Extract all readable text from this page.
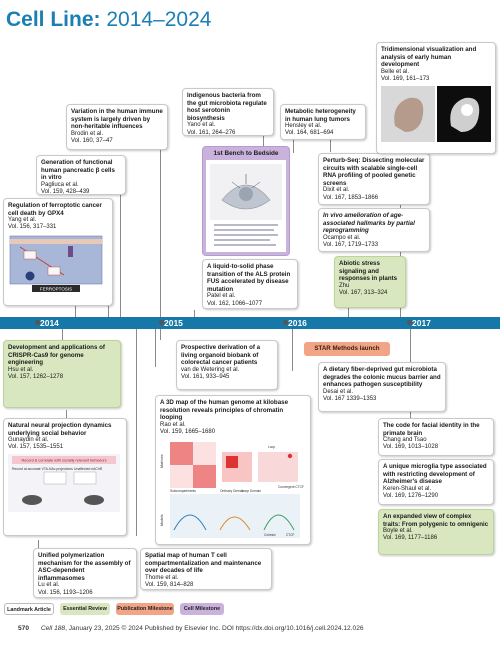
Cell Line: 2014–2024
2014	2015	2016	2017
Regulation of ferroptotic cancer cell death by GPX4
Yang et al.
Vol. 156, 317–331
FERROPTOSIS
Generation of functional human pancreatic β cells in vitro
Pagliuca et al.
Vol. 159, 428–439
Variation in the human immune system is largely driven by non-heritable influences
Brodin et al.
Vol. 160, 37–47
Indigenous bacteria from the gut microbiota regulate host serotonin biosynthesis
Yano et al.
Vol. 161, 264–276
1st Bench to Bedside
A liquid-to-solid phase transition of the ALS protein FUS accelerated by disease mutation
Patel et al.
Vol. 162, 1066–1077
Metabolic heterogeneity in human lung tumors
Hensley et al.
Vol. 164, 681–694
Perturb-Seq: Dissecting molecular circuits with scalable single-cell RNA profiling of pooled genetic screens
Dixit et al.
Vol. 167, 1853–1866
In vivo amelioration of age-associated hallmarks by partial reprogramming
Ocampo et al.
Vol. 167, 1719–1733
Abiotic stress signaling and responses in plants
Zhu
Vol. 167, 313–324
Tridimensional visualization and analysis of early human development
Belle et al.
Vol. 169, 161–173
Development and applications of CRISPR-Cas9 for genome engineering
Hsu et al.
Vol. 157, 1262–1278
Natural neural projection dynamics underlying social behavior
Gunaydin et al.
Vol. 157, 1535–1551
Record & correlate with socially relevant behaviors
Record at accurate VTA-NAc projections Unaffected nAChR
Unified polymerization mechanism for the assembly of ASC-dependent inflammasomes
Lu et al.
Vol. 156, 1193–1206
Prospective derivation of a living organoid biobank of colorectal cancer patients
van de Wetering et al.
Vol. 161, 933–945
A 3D map of the human genome at kilobase resolution reveals principles of chromatin looping
Rao et al.
Vol. 159, 1665–1680
Matrices
Models
Subcompartments	Ordinary Domain
Loop Domain
Loop
Convergent CTCF
Cohesin	CTCF
Spatial map of human T cell compartmentalization and maintenance over decades of life
Thome et al.
Vol. 159, 814–828
STAR Methods launch
A dietary fiber-deprived gut microbiota degrades the colonic mucus barrier and enhances pathogen susceptibility
Desai et al.
Vol. 167 1339–1353
The code for facial identity in the primate brain
Chang and Tsao
Vol. 169, 1013–1028
A unique microglia type associated with restricting development of Alzheimer's disease
Keren-Shaul et al.
Vol. 169, 1276–1290
An expanded view of complex traits: From polygenic to omnigenic
Boyle et al.
Vol. 169, 1177–1186
Landmark Article	Essential Review	Publication Milestone	Cell Milestone
570 Cell 188, January 23, 2025 © 2024 Published by Elsevier Inc. DOI https://dx.doi.org/10.1016/j.cell.2024.12.026
